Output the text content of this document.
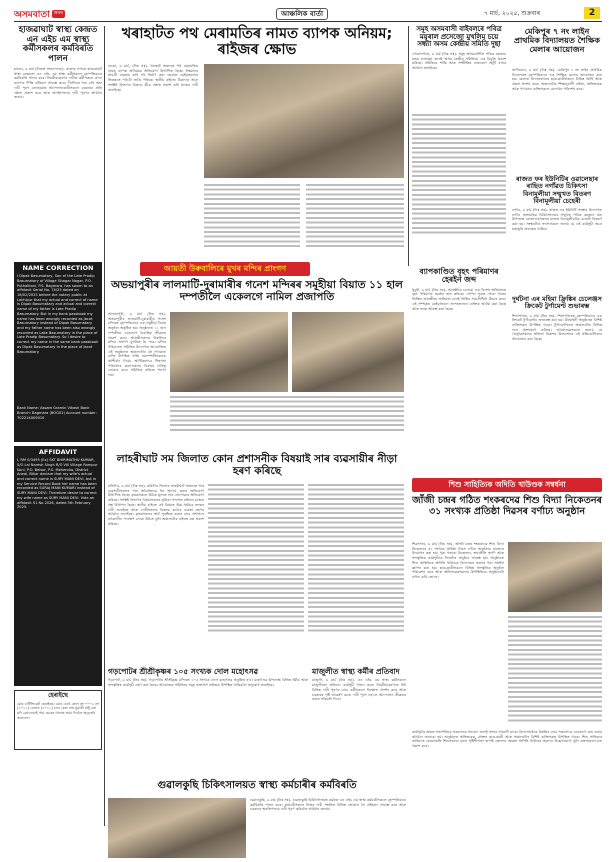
অসমবাতা ভ্ৰমৰ	আঞ্চলিক বাৰ্তা	৭ মাৰ্চ, ২০২৫, শুক্ৰবাৰ	2
হাজৱাঘাট স্বাস্থ্য কেন্দ্ৰত এন এইচ এম স্বাস্থ্য কৰ্মীসকলৰ কৰ্মবিৰতি পালন
হাজো, ৬ মাৰ্চ (নিজস্ব সংবাদদাতা)- ৰাজ্যৰ লগতে হাজৱাঘাট স্বাস্থ্য কেন্দ্ৰতো এন এইচ এম স্বাস্থ্য কৰ্মীসকলে বৃহস্পতিবাৰে কৰ্মবিৰতি পালন কৰে। নিয়মীয়াকৰণৰ দাবীত কৰ্মীসকলে ক'লা কাপোৰ পিন্ধি প্ৰতিবাদ সাব্যস্ত কৰে। দীৰ্ঘদিনৰ পৰা চলি অহা দাবী পূৰণ নোহোৱাত আন্দোলনকাৰীসকলে চৰকাৰৰ প্ৰতি ক্ষোভ প্ৰকাশ কৰে আৰু অনতিপলমে দাবী পূৰণৰ আহ্বান জনায়।
খৰাহাটত পথ মেৰামতিৰ নামত ব্যাপক অনিয়ম; ৰাইজৰ ক্ষোভ
বাকো, ৬ মাৰ্চ, (নিঃ সঃ)- খৰাহাট অঞ্চলত পথ মেৰামতিৰ নামত ব্যাপক অনিয়মৰ অভিযোগ উত্থাপিত হৈছে। নিম্নমানৰ সামগ্ৰী ব্যৱহাৰ কৰি পথ নিৰ্মাণ কৰা হোৱাত কেইমাহমানৰ ভিতৰতে পথটো ভাঙি পৰিছে। স্থানীয় ৰাইজে ঠিকাদাৰ আৰু সংশ্লিষ্ট বিভাগৰ বিৰুদ্ধে তীব্ৰ ক্ষোভ প্ৰকাশ কৰি তদন্তৰ দাবী জনাইছে।
সমূহ অসমবাসী বাইবলৰে পবিত্ৰ ময়ূৰাল প্ৰসেজো মুখলিম চয়ে সন্ধ্যা অসম কেন্দ্ৰীয় সমিতি দুছা
গোৱালপাৰা, ৬ মাৰ্চ (নিঃ সঃ)- সমূহ অসমবাসীলৈ পবিত্ৰ ৰমজান মাহৰ শুভেচ্ছা জনাই অসম কেন্দ্ৰীয় সমিতিয়ে এক বিবৃতি প্ৰকাশ কৰিছে। সমিতিয়ে শান্তি আৰু সম্প্ৰীতিৰ বাতাবৰণ অটুট ৰখাৰ আহ্বান জনাইছে।
মেকিপুৰ ৭ নং লাইন প্ৰাথমিক বিদ্যালয়ত শৈক্ষিক মেলাৰ আয়োজন
জগীৰোড, ৬ মাৰ্চ (নিঃ সঃ)- মেকিপুৰ ৭ নং লাইন প্ৰাথমিক বিদ্যালয়ত বৃহস্পতিবাৰে এক শৈক্ষিক মেলাৰ আয়োজন কৰা হয়। মেলাত বিদ্যালয়খনৰ ছাত্ৰ-ছাত্ৰীসকলে বিভিন্ন আৰ্হি আৰু প্ৰকল্প প্ৰদৰ্শন কৰে। অঞ্চলটোৰ শিক্ষানুৰাগী ৰাইজ, অভিভাৱক আৰু গণ্যমান্য ব্যক্তিসকলে মেলাখন পৰিদৰ্শন কৰে।
ৰাজত ফৰ ইউনিটিৰ ওৱালেছাৰ ৰাছিত নগাঁৱত চিকিৎসা বিনামূলীয়া সন্মুখত বিতৰণ বিনামূলীয়া চেহেৰী
নগাঁও, ৬ মাৰ্চ (নিঃ সঃ)- ৰাজত ফৰ ইউনিটি সংস্থাৰ উদ্যোগত নগাঁও অসামৰিক চিকিৎসালয়ৰ সন্মুখত পবিত্ৰ ৰমজান মাহ উপলক্ষে ৰোজাদাৰসকলৰ মাজত বিনামূলীয়াকৈ চেহেৰী বিতৰণ কৰা হয়। সংস্থাটোৰ সদস্যসকলে জনায় যে এই কাৰ্যসূচী সমগ্ৰ মাহজুৰি অব্যাহত থাকিব।
আয়তী উৰুবালিৰে মুখৰ মন্দিৰ প্ৰাংগণ
অভয়াপুৰীৰ লালমাটি-দুৰামাৰীৰ গনেশ মন্দিৰৰ সমূহীয়া বিয়াত ১১ হাল দম্পতীলৈ একেলগে নামিল প্ৰজাপতি
আভয়াপুৰী, ৬ মাৰ্চ (নিঃ সঃ)- অভয়াপুৰীৰ লালমাটি-দুৰামাৰীৰ গনেশ মন্দিৰত বৃহস্পতিবাৰে এক সমূহীয়া বিবাহ অনুষ্ঠান অনুষ্ঠিত হয়। অনুষ্ঠানত ১১ হাল দম্পতীয়ে একেলগে বৈবাহিক জীৱনত প্ৰৱেশ কৰে। আয়তীসকলৰ উৰুলিৰে মন্দিৰ প্ৰাংগণ মুখৰিত হৈ পৰে। মন্দিৰ পৰিচালনা সমিতিৰ উদ্যোগত আয়োজিত এই অনুষ্ঠানত অঞ্চলটোৰ বহু গণ্যমান্য ব্যক্তি উপস্থিত থাকি নৱদম্পতীসকলক আশীৰ্বাদ দিয়ে। আৰ্থিকভাৱে পিছপৰা পৰিয়ালৰ কন্যাসকলৰ বিবাহৰ দায়িত্ব লোৱাৰ বাবে সমিতিক ৰাইজে শলাগ লয়।
ব্যাপকাণ্ডিত বৃহৎ পৰিমাণৰ হেৰইন জব্দ
ধুবুৰী, ৬ মাৰ্চ (নিঃ সঃ)- আৰক্ষীয়ে চলোৱা এক বিশেষ অভিযানত বৃহৎ পৰিমাণৰ হেৰইন জব্দ কৰিছে। গোপন সূত্ৰত পোৱা খবৰৰ ভিত্তিত আৰক্ষীয়ে অভিযান চলাই নিষিদ্ধ সামগ্ৰীখিনি উদ্ধাৰ কৰে। এই সম্পৰ্কত কেইবাজনো সন্দেহভাজন ব্যক্তিক আটক কৰা হৈছে আৰু তদন্ত আৰম্ভ কৰা হৈছে।
দুৰ্ঘটনা এৰ মহিমা ফ্ৰিঙ্কিৰ চেলেঞ্জস ক্ৰিকেট টুৰ্ণামেণ্ট শুভাৰম্ভ
শিলাপথাৰ, ৬ মাৰ্চ (নিঃ সঃ)- শিলাপথাৰত বৃহস্পতিবাৰে এক ক্ৰিকেট টুৰ্ণামেণ্টৰ শুভাৰম্ভ কৰা হয়। উদ্বোধনী অনুষ্ঠানত বিশিষ্ট ব্যক্তিসকল উপস্থিত থাকে। টুৰ্ণামেণ্টখনত অঞ্চলটোৰ বিভিন্ন দলে অংশগ্ৰহণ কৰিছে। আয়োজকসকলে জনায় যে খেলুৱৈসকলৰ প্ৰতিভা বিকাশৰ উদ্দেশ্যেৰে এই প্ৰতিযোগিতাৰ আয়োজন কৰা হৈছে।
NAME CORRECTION
I Dipak Basumatary, Son of the Late Pradip Basumatary of Village Ghagar Nagar, P.O. Puthalitoni, P.S. Bagmara, has sworn to an affidavit Serial No. 74/25 dated on 18/02/2025 before the notary public at Lakhipur that my actual and correct of name is Dipak Basumatary and actual and correct name of my father is Late Pradip Basumatary. But in my bank passbook my name has been wrongly recorded as Jacot Basumatary instead of Dipak Basumatary and my father name has been also wrongly recorded as Lake Basumatary in the place of Late Pradip Basumatary. So I desire to correct my name in the same bank passbook as Dipak Basumatary in the place of Jacot Basumatary.
Bank Name: Assam Gramin Vikash Bank Branch: Bagmara (BOG02) Account number: 702214009010
লাহৰীঘাট সম জিলাত কোন প্ৰশাসনীক বিষয়াই সাৰ ব্যৱসায়ীৰ নীড়া হৰণ কৰিছে
মৰিগাঁও, ৬ মাৰ্চ (নিঃ সঃ)- মৰিগাঁও জিলাৰ লাহৰীঘাট অঞ্চলত সাৰ ব্যৱসায়ীসকলৰ পৰা অবৈধভাৱে ধন আদায় কৰাৰ অভিযোগ উত্থাপিত হৈছে। কৃষকসকলে উচিত মূল্যত সাৰ নোপোৱাৰ অভিযোগ কৰিছে। সংশ্লিষ্ট বিভাগৰ বিষয়াসকলৰ ভূমিকা সন্দৰ্ভত ৰাইজৰ মাজত প্ৰশ্ন উত্থাপন হৈছে। স্থানীয় ৰাইজে এই বিষয়ত উচ্চ পৰ্যায়ৰ তদন্তৰ দাবী জনাইছে আৰু দোষীসকলৰ বিৰুদ্ধে কঠোৰ ব্যৱস্থা গ্ৰহণৰ আহ্বান জনাইছে। কৃষকসকলৰ স্বাৰ্থ সুৰক্ষিত কৰাৰ বাবে প্ৰশাসনে তৎকালীন পদক্ষেপ লোৱা উচিত বুলি অঞ্চলটোৰ ৰাইজে মত প্ৰকাশ কৰিছে।
শিশু সাহিত্যিক অদিতি খাউণ্ডক সম্বৰ্ধনা
জাঁজী চন্দ্ৰৰ গঠিত শংকৰদেৱ শিশু বিদ্যা নিকেতনৰ ৩১ সংখ্যক প্ৰতিষ্ঠা দিৱসৰ বৰ্ণাঢ্য অনুষ্ঠান
শিৱসাগৰ, ৬ মাৰ্চ (নিঃ সঃ)- জাঁজী চন্দ্ৰৰ শংকৰদেৱ শিশু বিদ্যা নিকেতনৰ ৩১ সংখ্যক প্ৰতিষ্ঠা দিৱস বৰ্ণাঢ্য অনুষ্ঠানৰ মাজেৰে উদযাপন কৰা হয়। পুৱা পতাকা উত্তোলন, শ্ৰদ্ধাঞ্জলি অৰ্পণ আৰু সাংস্কৃতিক কাৰ্যসূচীৰে দিনটোৰ অনুষ্ঠান আৰম্ভ হয়। অনুষ্ঠানত শিশু সাহিত্যিক অদিতি খাউণ্ডক বিদ্যালয়ৰ তৰফৰ পৰা সম্বৰ্ধনা জ্ঞাপন কৰা হয়। ছাত্ৰ-ছাত্ৰীসকলে বিভিন্ন সাংস্কৃতিক অনুষ্ঠান পৰিৱেশন কৰে আৰু অভিভাৱকসকলৰ উপস্থিতিয়ে অনুষ্ঠানটো বৰ্ণাঢ্য কৰি তোলে।
AFFIDAVIT
I, RM 0/3495 (Ex) SKT BHIRIMATHU KUMAR, S/O Lal Naresh Singh R/O Vill Village Rampur Koni, P.O. Belsor, P.S. Mehendia, District Arwal, Bihar declare that my wife's actual and correct name is SURY MANI DEVI, but in my Service Record Book her name has been recorded as SURAJ MANI KUMARI instead of SURY MANI DEVI. Therefore desire to correct my wife name as SURY MANI DEVI. Vide an affidavit S1 No 2026, dated 5th February 2025.
গড়পোটৰ শ্ৰীশ্ৰীকৃষ্ণৰ ১০৫ সংখ্যক দোল মহোৎসৱ
গড়পোট, ৬ মাৰ্চ (নিঃ সঃ)- গড়পোটৰ শ্ৰীশ্ৰীকৃষ্ণ মন্দিৰত ১০৫ সংখ্যক দোল মহোৎসৱ অনুষ্ঠিত হ'ব। মহোৎসৱ উপলক্ষে বিভিন্ন ধৰ্মীয় আৰু সাংস্কৃতিক কাৰ্যসূচী গ্ৰহণ কৰা হৈছে। আয়োজক সমিতিয়ে সমূহ ভক্তপ্ৰাণ ৰাইজক উপস্থিত থাকিবলৈ অনুৰোধ জনাইছে।
মাজুলীত স্বাস্থ্য কৰ্মীৰ প্ৰতিবাদ
মাজুলী, ৬ মাৰ্চ (নিঃ সঃ)- এন এইচ এম স্বাস্থ্য কৰ্মীসকলে মাজুলীতো প্ৰতিবাদ কাৰ্যসূচী পালন কৰে। নিয়মীয়াকৰণকে ধৰি বিভিন্ন দাবী পূৰণৰ বাবে কৰ্মীসকলে বিক্ষোভ প্ৰদৰ্শন কৰে আৰু চৰকাৰৰ দৃষ্টি আকৰ্ষণ কৰে। দাবী পূৰণ নহ'লে আন্দোলন তীব্ৰতৰ কৰাৰ সকিয়নি দিয়ে।
হেৰাইছে
মোৰ চাৰ্টিফিকেট হেৰাইছে। মোৰ বোৰ্ড ৰোল নং ০০০২ নং (১০১১) ৰোলৰ (২০১১) চনৰ মোৰ নাম কুমাৰী মঞ্জু বৰা যদি কোনোবাই পায় ওচৰৰ থানাত জমা দিবলৈ অনুৰোধ জনালো।
গুৱালকুছি চিকিৎসালয়ত স্বাস্থ্য কৰ্মচাৰীৰ কৰ্মবিৰতি
গুৱালকুছি, ৬ মাৰ্চ (নিঃ সঃ)- গুৱালকুছি চিকিৎসালয়ত কৰ্মৰত এন এইচ এম স্বাস্থ্য কৰ্মচাৰীসকলে বৃহস্পতিবাৰে কৰ্মবিৰতি পালন কৰে। কৰ্মচাৰীসকলে নিজৰ দাবী সম্বলিত বিভিন্ন প্লে'কাৰ্ড লৈ প্ৰতিবাদ সাব্যস্ত কৰে আৰু চৰকাৰে অনতিপলমে দাবী পূৰণ কৰিবলৈ আহ্বান জনায়।
কাৰ্যসূচীৰ অন্তত সভাপতিয়ে সকলোকে ধন্যবাদ জনাই সভাৰ সামৰণি মাৰে। বিদ্যালয়খনৰ উন্নতিৰ বাবে সকলোৱে একেলগে কাম কৰাৰ আহ্বান জনোৱা হয়। অনুষ্ঠানত অভিভাৱক, প্ৰাক্তন ছাত্ৰ-ছাত্ৰী আৰু অঞ্চলটোৰ বিশিষ্ট ব্যক্তিসকল উপস্থিত থাকে। শিশু সাহিত্যৰ জৰিয়তে কোমলমতি শিশুসকলৰ মনত সৃষ্টিশীলতা জগাই তোলাৰ ক্ষেত্ৰত অদিতি খাউণ্ডৰ অৱদান উল্লেখযোগ্য বুলি বক্তাসকলে মত প্ৰকাশ কৰে।
